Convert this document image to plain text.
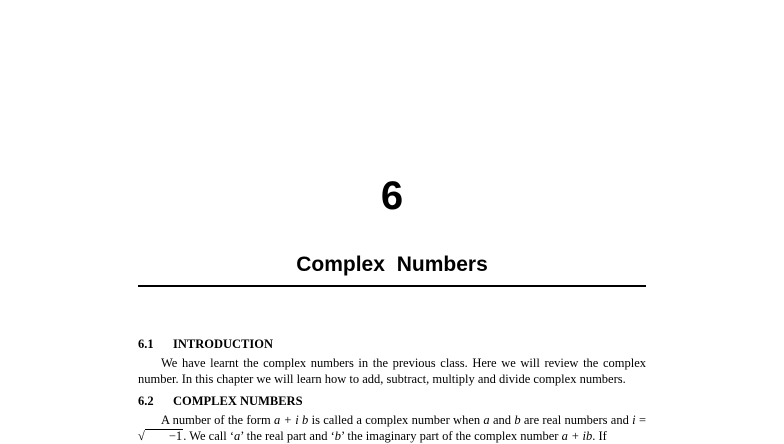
6
Complex Numbers
6.1	INTRODUCTION

We have learnt the complex numbers in the previous class. Here we will review the complex number. In this chapter we will learn how to add, subtract, multiply and divide complex numbers.

6.2	COMPLEX NUMBERS

A number of the form a + i b is called a complex number when a and b are real numbers and i = √ −1. We call ‘a’ the real part and ‘b’ the imaginary part of the complex number a + ib. If
